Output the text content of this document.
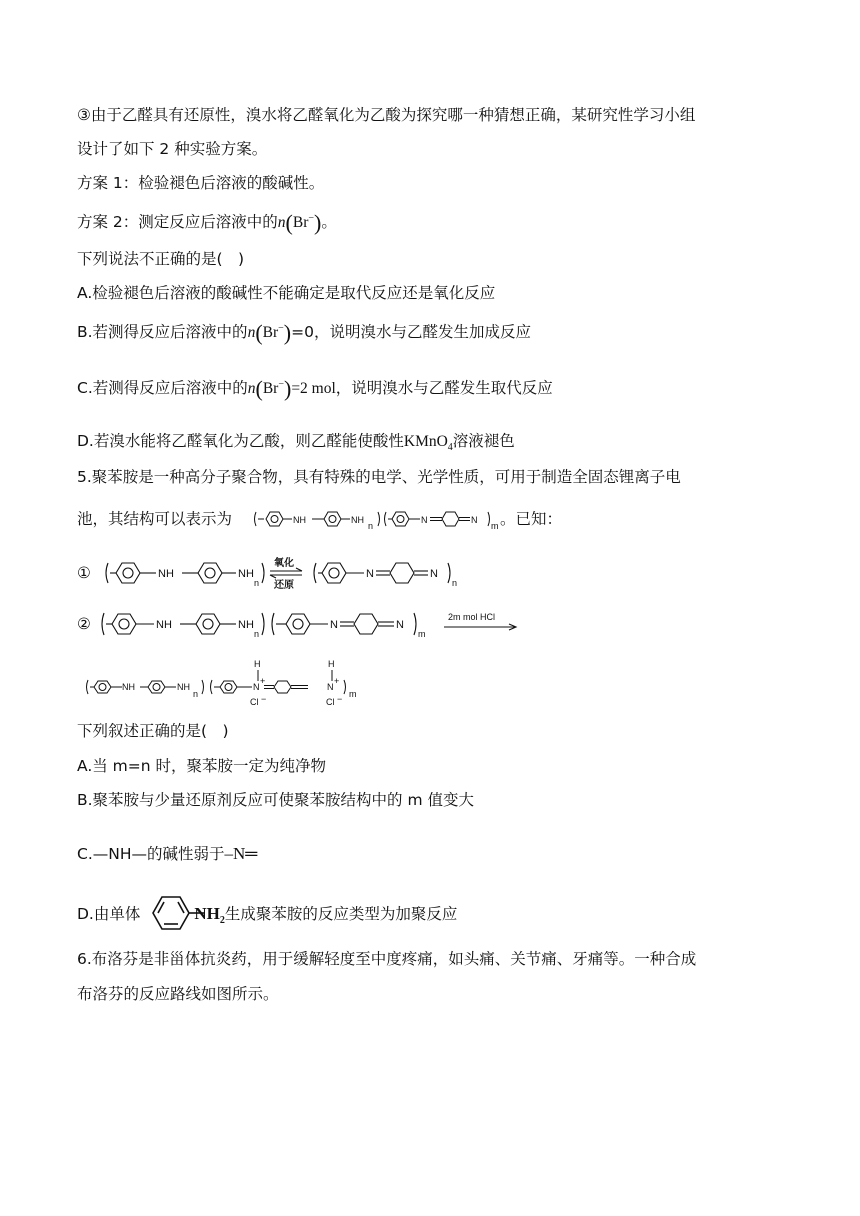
③由于乙醛具有还原性，溴水将乙醛氧化为乙酸为探究哪一种猜想正确，某研究性学习小组
设计了如下 2 种实验方案。
方案 1：检验褪色后溶液的酸碱性。
方案 2：测定反应后溶液中的n(Br−)。
下列说法不正确的是(　)
A.检验褪色后溶液的酸碱性不能确定是取代反应还是氧化反应
B.若测得反应后溶液中的n(Br−)=0，说明溴水与乙醛发生加成反应
C.若测得反应后溶液中的n(Br−)=2 mol，说明溴水与乙醛发生取代反应
D.若溴水能将乙醛氧化为乙酸，则乙醛能使酸性KMnO$_4$溶液褪色
5.聚苯胺是一种高分子聚合物，具有特殊的电学、光学性质，可用于制造全固态锂离子电
池，其结构可以表示为	。已知：
NH	NH
n
N	N
m
①	NH	NH
n
氧化
还原
N	N
n
②	NH	NH
n
N	N
m
2m mol HCl
NH	NH
n
H
N
+
Cl −
H
N
+
Cl − m
下列叙述正确的是(　)
A.当 m=n 时，聚苯胺一定为纯净物
B.聚苯胺与少量还原剂反应可使聚苯胺结构中的 m 值变大
C.—NH—的碱性弱于–N═
D.由单体	$NH_2$生成聚苯胺的反应类型为加聚反应
6.布洛芬是非甾体抗炎药，用于缓解轻度至中度疼痛，如头痛、关节痛、牙痛等。一种合成
布洛芬的反应路线如图所示。
